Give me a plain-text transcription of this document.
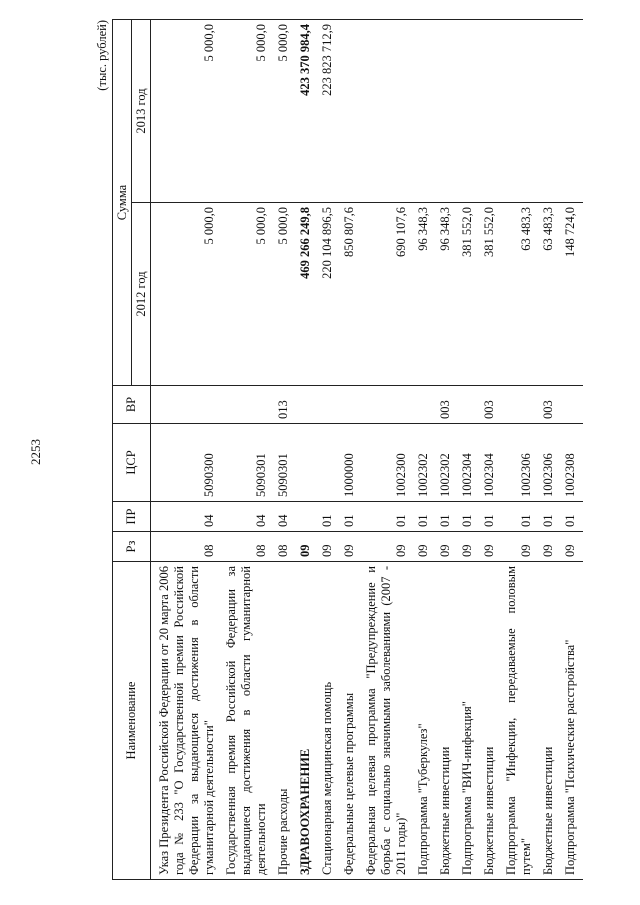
2253
(тыс. рублей)
Наименование	Рз	ПР	ЦСР	ВР	Сумма	
					2012 год	2013 год
Указ Президента Российской Федерации от 20 марта 2006 года № 233 "О Государственной премии Российской Федерации за выдающиеся достижения в области гуманитарной деятельности"	08	04	5090300		5 000,0	5 000,0
Государственная премия Российской Федерации за выдающиеся достижения в области гуманитарной деятельности	08	04	5090301		5 000,0	5 000,0
Прочие расходы	08	04	5090301	013	5 000,0	5 000,0
ЗДРАВООХРАНЕНИЕ	09				469 266 249,8	423 370 984,4
Стационарная медицинская помощь	09	01			220 104 896,5	223 823 712,9
Федеральные целевые программы	09	01	1000000		850 807,6	
Федеральная целевая программа "Предупреждение и борьба с социально значимыми заболеваниями (2007 - 2011 годы)"	09	01	1002300		690 107,6	
Подпрограмма "Туберкулез"	09	01	1002302		96 348,3	
Бюджетные инвестиции	09	01	1002302	003	96 348,3	
Подпрограмма "ВИЧ-инфекция"	09	01	1002304		381 552,0	
Бюджетные инвестиции	09	01	1002304	003	381 552,0	
Подпрограмма "Инфекции, передаваемые половым путем"	09	01	1002306		63 483,3	
Бюджетные инвестиции	09	01	1002306	003	63 483,3	
Подпрограмма "Психические расстройства"	09	01	1002308		148 724,0	
